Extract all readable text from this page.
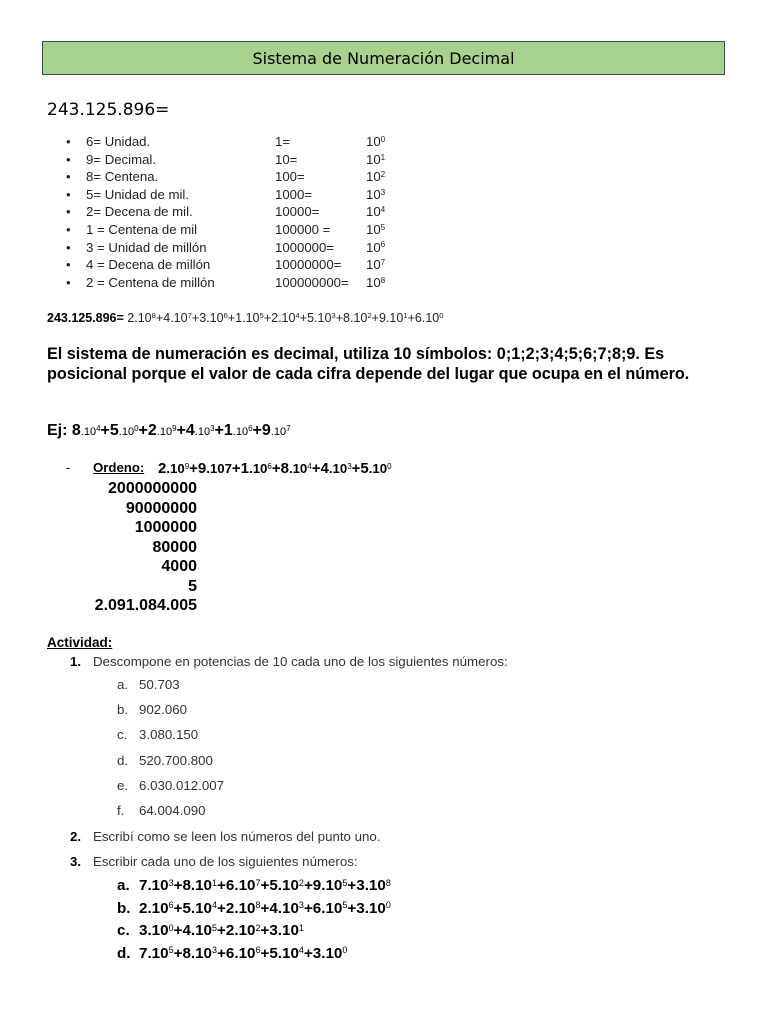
Sistema de Numeración Decimal
243.125.896=
• 6= Unidad.	1=	$10^0$
• 9= Decimal.	10=	$10^1$
• 8= Centena.	100=	$10^2$
• 5= Unidad de mil.	1000=	$10^3$
• 2= Decena de mil.	10000=	$10^4$
• 1 = Centena de mil	100000 =	$10^5$
• 3 = Unidad de millón	$1000000= 10^6$
• 4 = Decena de millón	$10000000= 10^7$
• 2 = Centena de millón	$100000000= 10^8$
$243.125.896= 2.10^8+4.10^7+3.10^6+1.10^5+2.10^4+5.10^3+8.10^2+9.10^1+6.10^0$
El sistema de numeración es decimal, utiliza 10 símbolos: 0;1;2;3;4;5;6;7;8;9. Es posicional porque el valor de cada cifra depende del lugar que ocupa en el número.
Ej: $8.10^4+5.10^0+2.10^9+4.10^3+1.10^6+9.10^7$
- Ordeno: $2.10^9+9.107+1.10^6+8.10^4+4.10^3+5.10^0$
2000000000
90000000
1000000
80000
4000
5
2.091.084.005
Actividad:
1. Descompone en potencias de 10 cada uno de los siguientes números:
a. 50.703
b. 902.060
c. 3.080.150
d. 520.700.800
e. 6.030.012.007
f. 64.004.090
2. Escribí como se leen los números del punto uno.
3. Escribir cada uno de los siguientes números:
a. $7.10^3+8.10^1+6.10^7+5.10^2+9.10^5+3.10^8$
b. $2.10^6+5.10^4+2.10^8+4.10^3+6.10^5+3.10^0$
c. $3.10^0+4.10^5+2.10^2+3.10^1$
d. $7.10^5+8.10^3+6.10^6+5.10^4+3.10^0$
